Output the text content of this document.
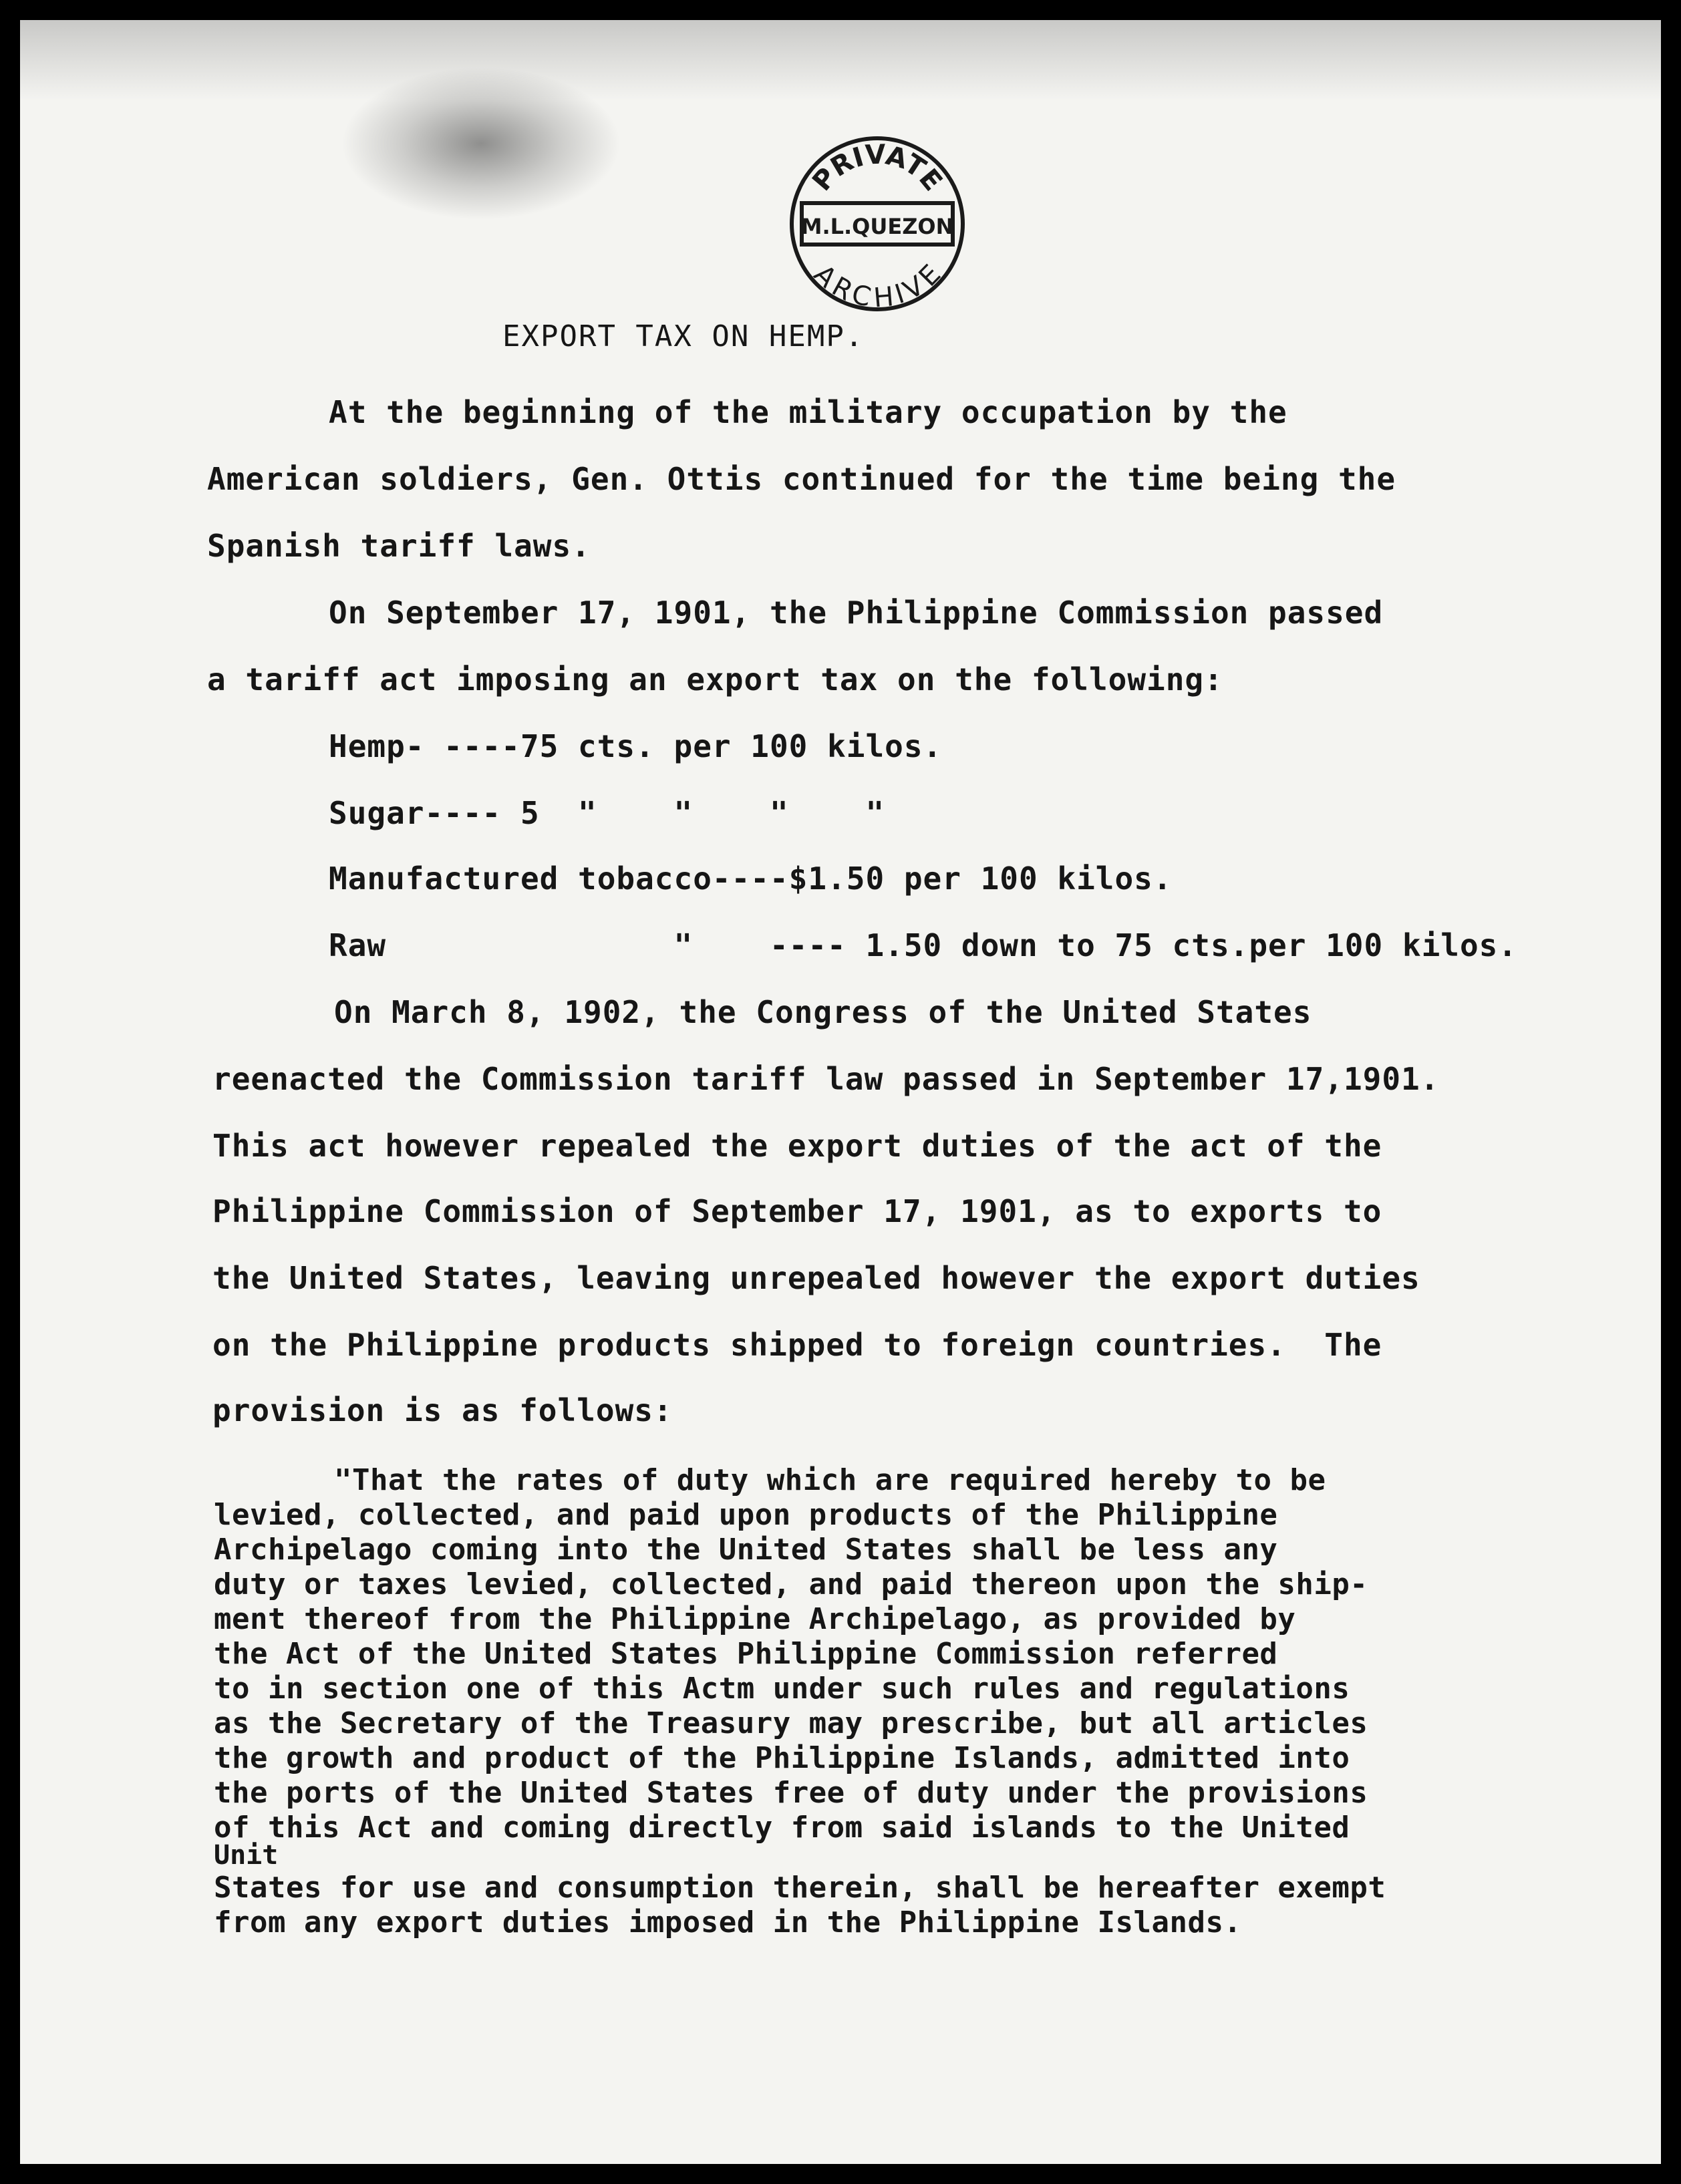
PRIVATE
M.L.QUEZON
ARCHIVE
EXPORT TAX ON HEMP.
At the beginning of the military occupation by the
American soldiers, Gen. Ottis continued for the time being the
Spanish tariff laws.
On September 17, 1901, the Philippine Commission passed
a tariff act imposing an export tax on the following:
Hemp- ----75 cts. per 100 kilos.
Sugar---- 5  "    "    "    "
Manufactured tobacco----$1.50 per 100 kilos.
Raw               "    ---- 1.50 down to 75 cts.per 100 kilos.
On March 8, 1902, the Congress of the United States
reenacted the Commission tariff law passed in September 17,1901.
This act however repealed the export duties of the act of the
Philippine Commission of September 17, 1901, as to exports to
the United States, leaving unrepealed however the export duties
on the Philippine products shipped to foreign countries.  The
provision is as follows:
"That the rates of duty which are required hereby to be
levied, collected, and paid upon products of the Philippine
Archipelago coming into the United States shall be less any
duty or taxes levied, collected, and paid thereon upon the ship-
ment thereof from the Philippine Archipelago, as provided by
the Act of the United States Philippine Commission referred
to in section one of this Actm under such rules and regulations
as the Secretary of the Treasury may prescribe, but all articles
the growth and product of the Philippine Islands, admitted into
the ports of the United States free of duty under the provisions
of this Act and coming directly from said islands to the United
Unit
States for use and consumption therein, shall be hereafter exempt
from any export duties imposed in the Philippine Islands.
